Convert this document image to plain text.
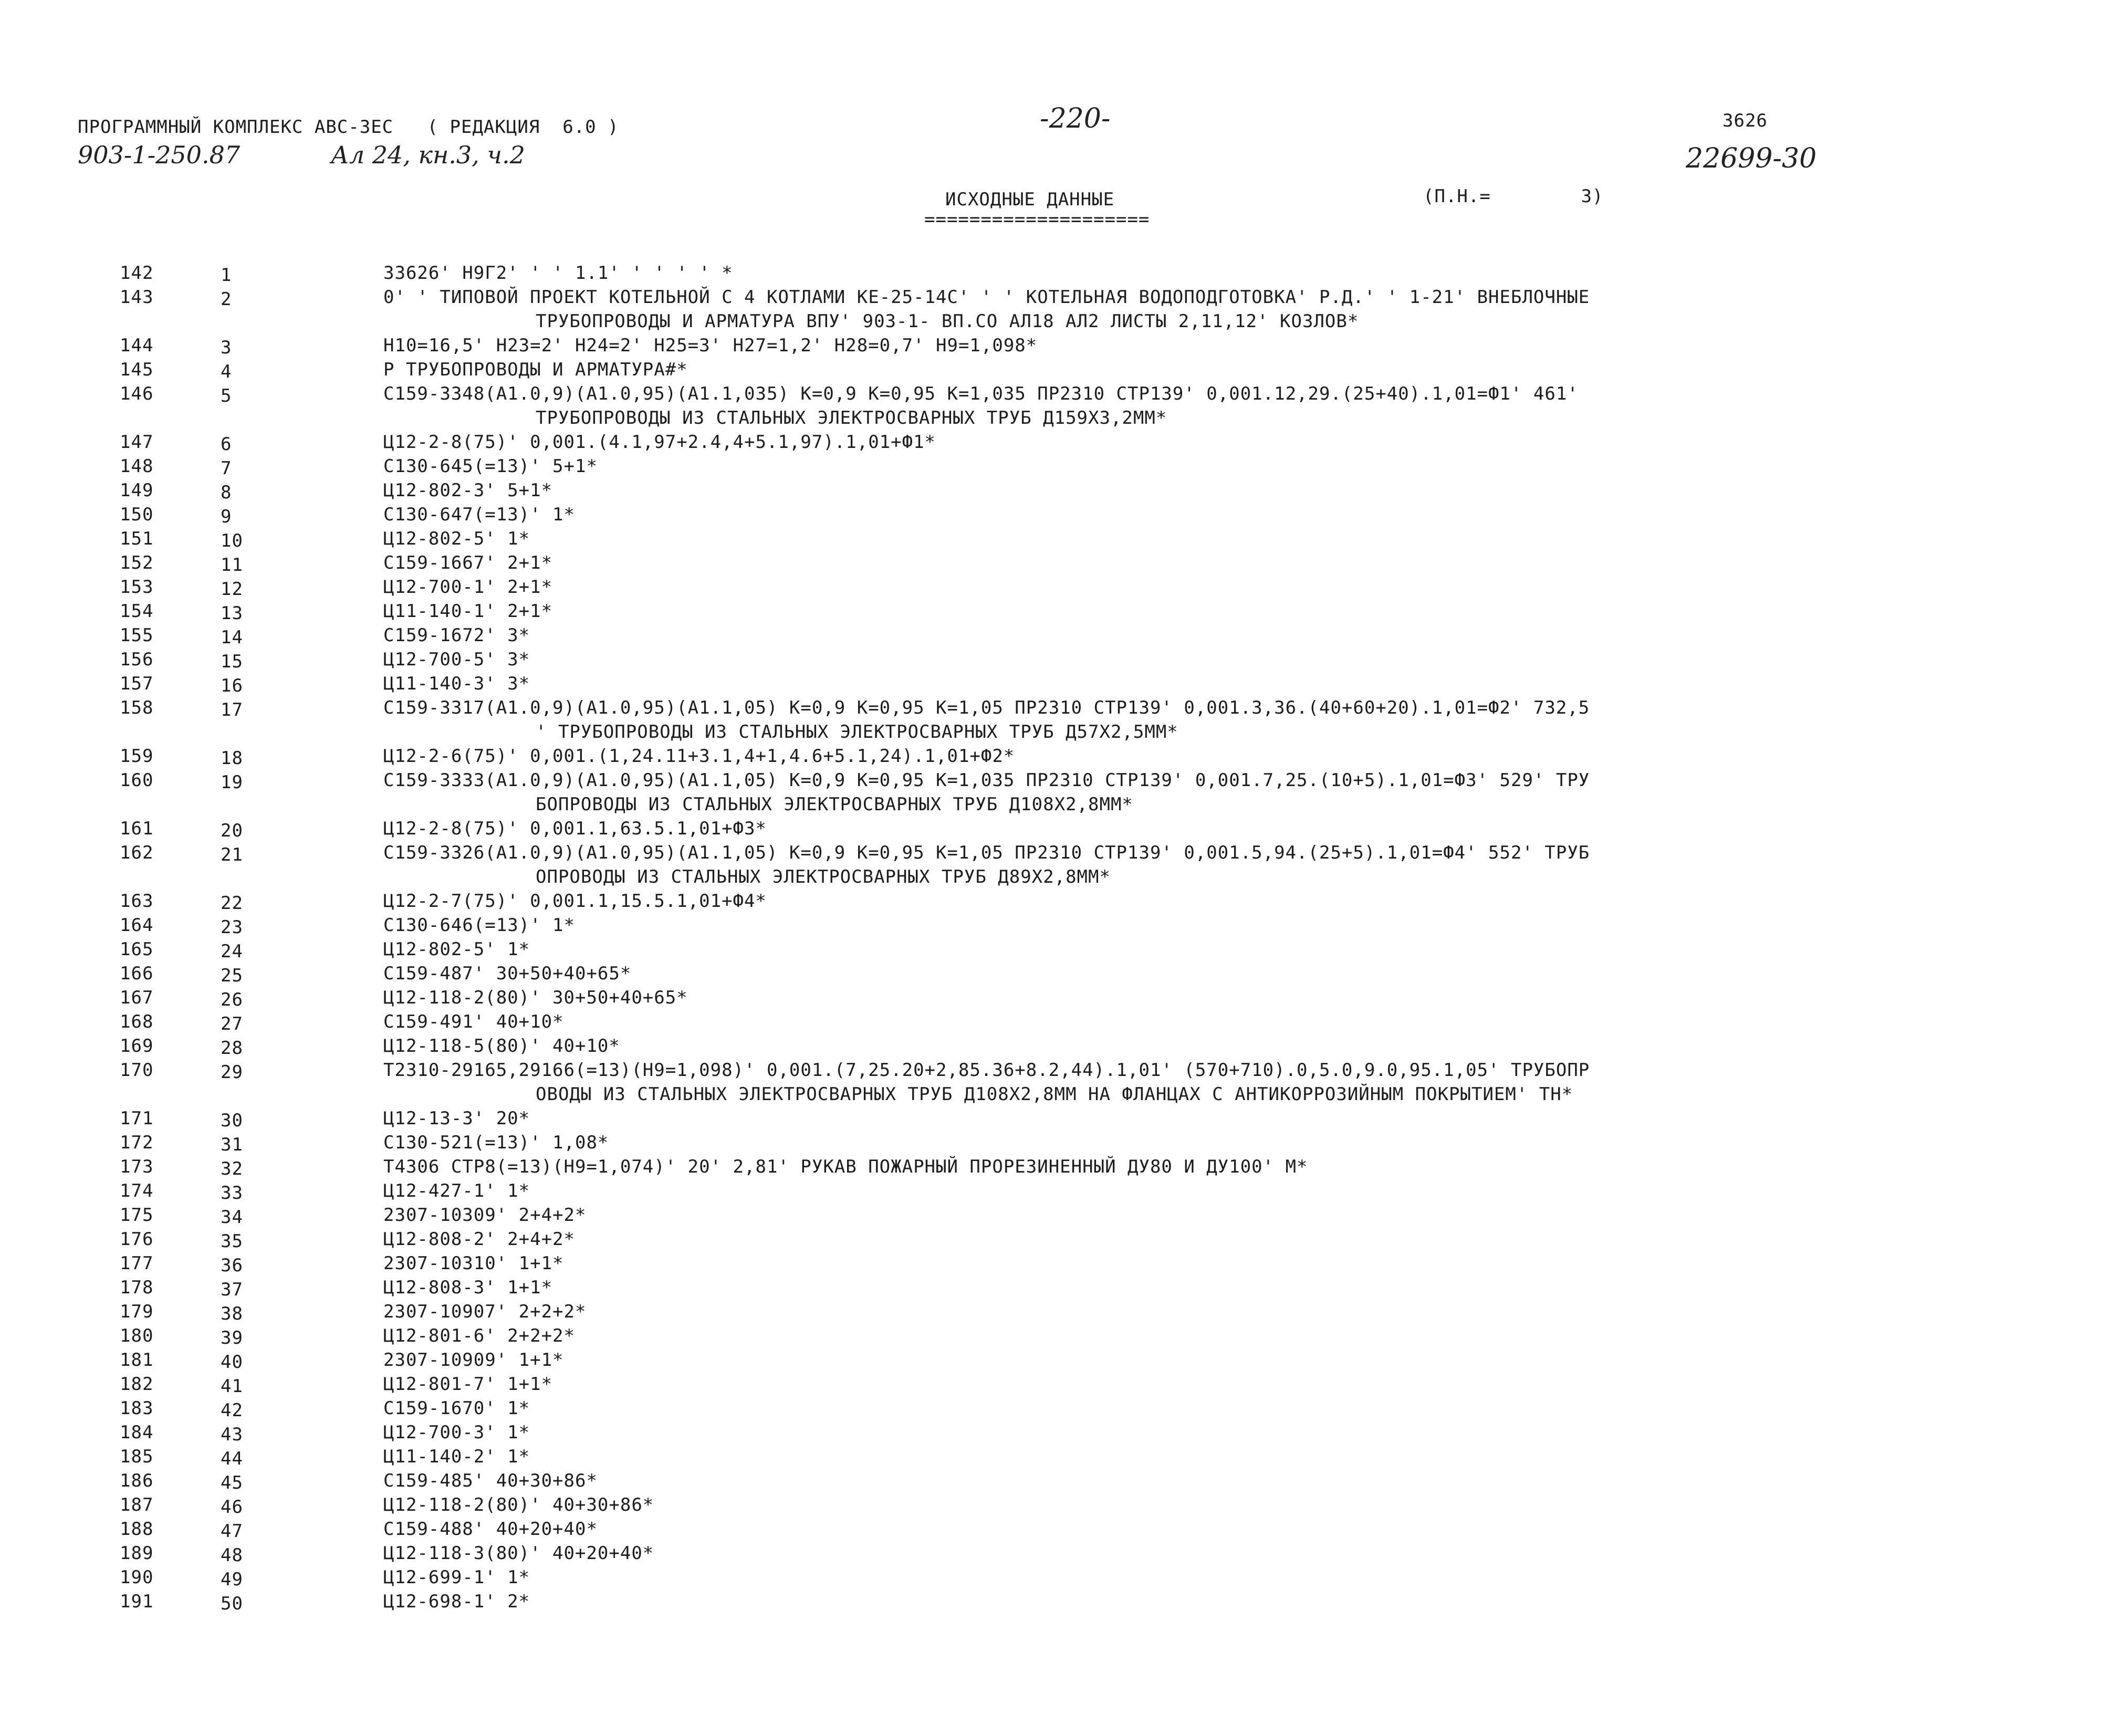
ПРОГРАММНЫЙ КОМПЛЕКС АВС-ЗЕС   ( РЕДАКЦИЯ  6.0 )	-220-	3626
903-1-250.87	Ал 24, кн.3, ч.2	22699-30
ИСХОДНЫЕ ДАННЫЕ
====================
(П.Н.=        3)
142	1	33626' Н9Г2' ' ' 1.1' ' ' ' ' *
143	2	0' ' ТИПОВОЙ ПРОЕКТ КОТЕЛЬНОЙ С 4 КОТЛАМИ КЕ-25-14С' ' ' КОТЕЛЬНАЯ ВОДОПОДГОТОВКА' Р.Д.' ' 1-21' ВНЕБЛОЧНЫЕ
ТРУБОПРОВОДЫ И АРМАТУРА ВПУ' 903-1- ВП.СО АЛ18 АЛ2 ЛИСТЫ 2,11,12' КОЗЛОВ*
144	3	Н10=16,5' Н23=2' Н24=2' Н25=3' Н27=1,2' Н28=0,7' Н9=1,098*
145	4	Р ТРУБОПРОВОДЫ И АРМАТУРА#*
146	5	С159-3348(А1.0,9)(А1.0,95)(А1.1,035) К=0,9 К=0,95 К=1,035 ПР2310 СТР139' 0,001.12,29.(25+40).1,01=Ф1' 461'
ТРУБОПРОВОДЫ ИЗ СТАЛЬНЫХ ЭЛЕКТРОСВАРНЫХ ТРУБ Д159Х3,2ММ*
147	6	Ц12-2-8(75)' 0,001.(4.1,97+2.4,4+5.1,97).1,01+Ф1*
148	7	С130-645(=13)' 5+1*
149	8	Ц12-802-3' 5+1*
150	9	С130-647(=13)' 1*
151	10	Ц12-802-5' 1*
152	11	С159-1667' 2+1*
153	12	Ц12-700-1' 2+1*
154	13	Ц11-140-1' 2+1*
155	14	С159-1672' 3*
156	15	Ц12-700-5' 3*
157	16	Ц11-140-3' 3*
158	17	С159-3317(А1.0,9)(А1.0,95)(А1.1,05) К=0,9 К=0,95 К=1,05 ПР2310 СТР139' 0,001.3,36.(40+60+20).1,01=Ф2' 732,5
' ТРУБОПРОВОДЫ ИЗ СТАЛЬНЫХ ЭЛЕКТРОСВАРНЫХ ТРУБ Д57Х2,5ММ*
159	18	Ц12-2-6(75)' 0,001.(1,24.11+3.1,4+1,4.6+5.1,24).1,01+Ф2*
160	19	С159-3333(А1.0,9)(А1.0,95)(А1.1,05) К=0,9 К=0,95 К=1,035 ПР2310 СТР139' 0,001.7,25.(10+5).1,01=Ф3' 529' ТРУ
БОПРОВОДЫ ИЗ СТАЛЬНЫХ ЭЛЕКТРОСВАРНЫХ ТРУБ Д108Х2,8ММ*
161	20	Ц12-2-8(75)' 0,001.1,63.5.1,01+Ф3*
162	21	С159-3326(А1.0,9)(А1.0,95)(А1.1,05) К=0,9 К=0,95 К=1,05 ПР2310 СТР139' 0,001.5,94.(25+5).1,01=Ф4' 552' ТРУБ
ОПРОВОДЫ ИЗ СТАЛЬНЫХ ЭЛЕКТРОСВАРНЫХ ТРУБ Д89Х2,8ММ*
163	22	Ц12-2-7(75)' 0,001.1,15.5.1,01+Ф4*
164	23	С130-646(=13)' 1*
165	24	Ц12-802-5' 1*
166	25	С159-487' 30+50+40+65*
167	26	Ц12-118-2(80)' 30+50+40+65*
168	27	С159-491' 40+10*
169	28	Ц12-118-5(80)' 40+10*
170	29	Т2310-29165,29166(=13)(Н9=1,098)' 0,001.(7,25.20+2,85.36+8.2,44).1,01' (570+710).0,5.0,9.0,95.1,05' ТРУБОПР
ОВОДЫ ИЗ СТАЛЬНЫХ ЭЛЕКТРОСВАРНЫХ ТРУБ Д108Х2,8ММ НА ФЛАНЦАХ С АНТИКОРРОЗИЙНЫМ ПОКРЫТИЕМ' ТН*
171	30	Ц12-13-3' 20*
172	31	С130-521(=13)' 1,08*
173	32	Т4306 СТР8(=13)(Н9=1,074)' 20' 2,81' РУКАВ ПОЖАРНЫЙ ПРОРЕЗИНЕННЫЙ ДУ80 И ДУ100' М*
174	33	Ц12-427-1' 1*
175	34	2307-10309' 2+4+2*
176	35	Ц12-808-2' 2+4+2*
177	36	2307-10310' 1+1*
178	37	Ц12-808-3' 1+1*
179	38	2307-10907' 2+2+2*
180	39	Ц12-801-6' 2+2+2*
181	40	2307-10909' 1+1*
182	41	Ц12-801-7' 1+1*
183	42	С159-1670' 1*
184	43	Ц12-700-3' 1*
185	44	Ц11-140-2' 1*
186	45	С159-485' 40+30+86*
187	46	Ц12-118-2(80)' 40+30+86*
188	47	С159-488' 40+20+40*
189	48	Ц12-118-3(80)' 40+20+40*
190	49	Ц12-699-1' 1*
191	50	Ц12-698-1' 2*
